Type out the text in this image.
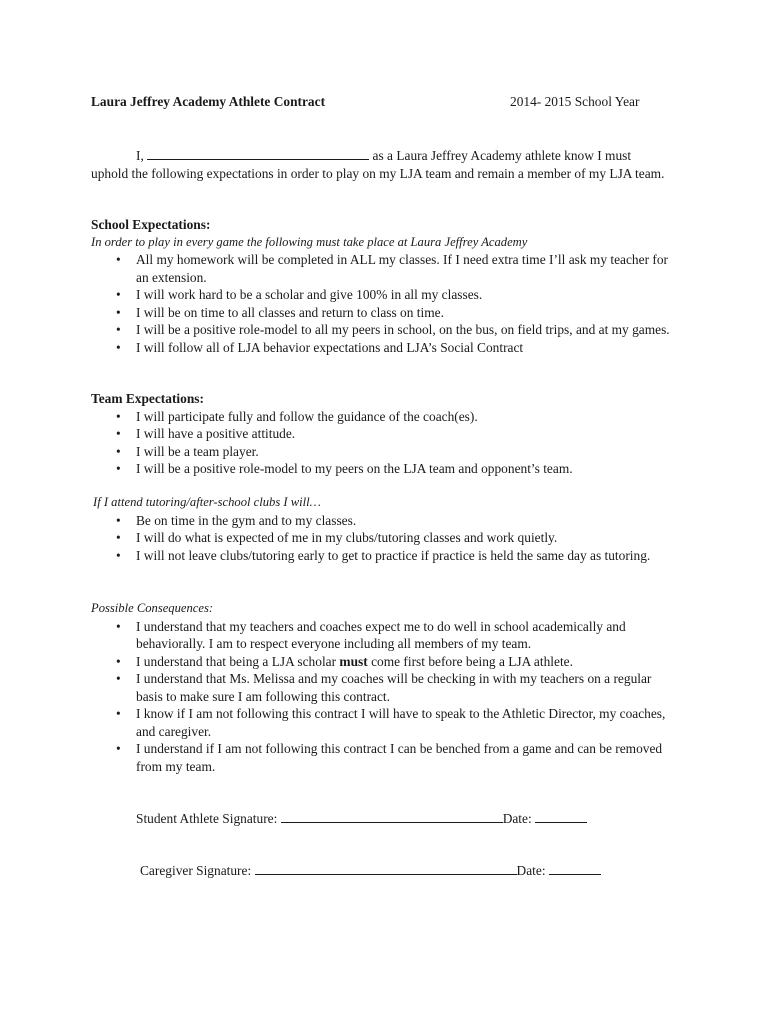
Laura Jeffrey Academy Athlete Contract	2014- 2015 School Year
I,	as a Laura Jeffrey Academy athlete know I must uphold the following expectations in order to play on my LJA team and remain a member of my LJA team.
School Expectations:
In order to play in every game the following must take place at Laura Jeffrey Academy
• All my homework will be completed in ALL my classes. If I need extra time I’ll ask my teacher for an extension.
• I will work hard to be a scholar and give 100% in all my classes.
• I will be on time to all classes and return to class on time.
• I will be a positive role-model to all my peers in school, on the bus, on field trips, and at my games.
• I will follow all of LJA behavior expectations and LJA’s Social Contract
Team Expectations:
• I will participate fully and follow the guidance of the coach(es).
• I will have a positive attitude.
• I will be a team player.
• I will be a positive role-model to my peers on the LJA team and opponent’s team.
If I attend tutoring/after-school clubs I will…
• Be on time in the gym and to my classes.
• I will do what is expected of me in my clubs/tutoring classes and work quietly.
• I will not leave clubs/tutoring early to get to practice if practice is held the same day as tutoring.
Possible Consequences:
• I understand that my teachers and coaches expect me to do well in school academically and behaviorally. I am to respect everyone including all members of my team.
• I understand that being a LJA scholar must come first before being a LJA athlete.
• I understand that Ms. Melissa and my coaches will be checking in with my teachers on a regular basis to make sure I am following this contract.
• I know if I am not following this contract I will have to speak to the Athletic Director, my coaches, and caregiver.
• I understand if I am not following this contract I can be benched from a game and can be removed from my team.
Student Athlete Signature:	Date:
Caregiver Signature:	Date:
